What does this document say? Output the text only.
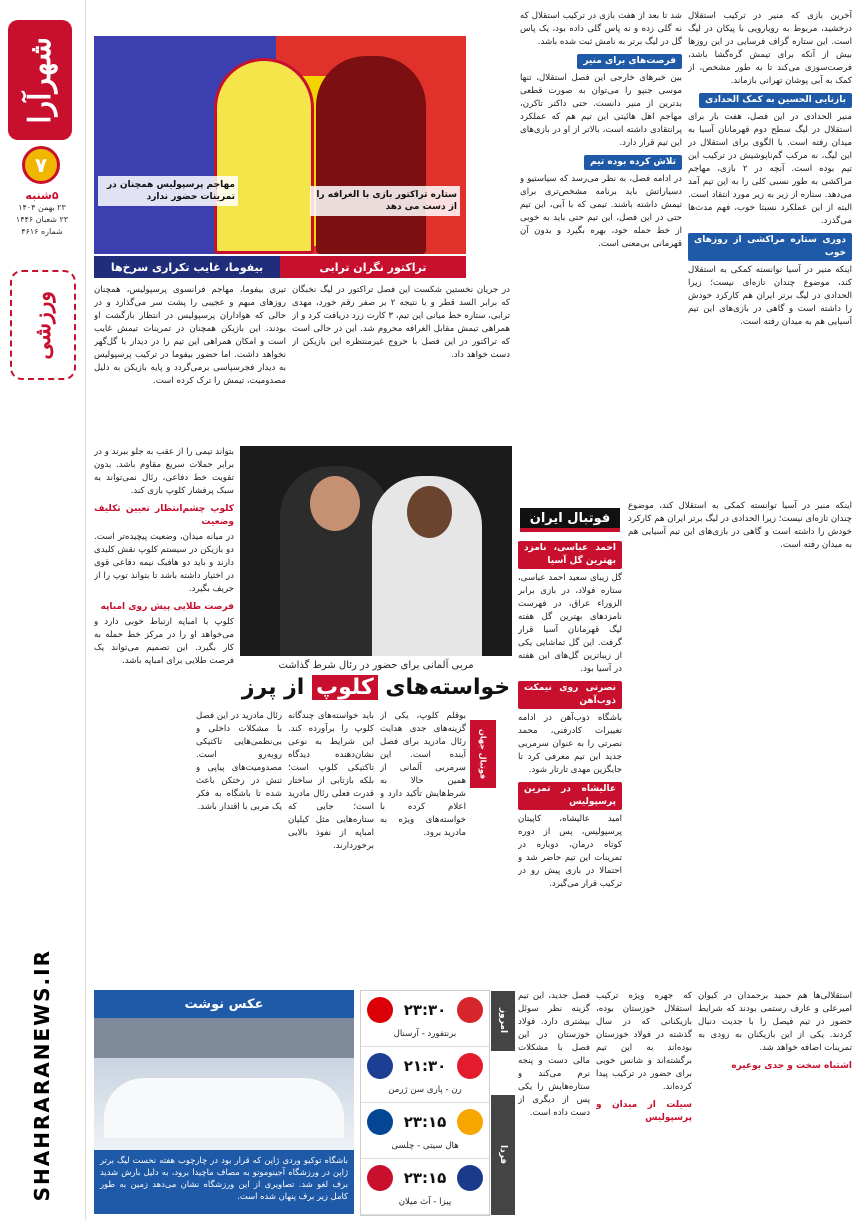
شهرآرا
۷
۵شنبه
۲۳ بهمن ۱۴۰۴
۲۳ شعبان ۱۴۴۶
شماره ۴۶۱۶
ورزشی
SHAHRARANEWS.IR
ستاره تراکتور بازی با الغرافه را از دست می دهد
مهاجم پرسپولیس همچنان در تمرینات حضور ندارد
تراکتور نگران ترابی
بیفوما، غایب تکراری سرخ‌ها

آخرین بازی که منیر در ترکیب استقلال درخشید، مربوط به رویارویی با پیکان در لیگ است. این ستاره گزاف فرسایی در این روزها بیش از آنکه برای تیمش گره‌گشا باشد، فرصت‌سوزی می‌کند تا به طور مشخص، از کمک به آبی پوشان تهرانی بازماند.

بازنایی الحسین به کمک الحدادی

منیر الحدادی در این فصل، هفت بار برای استقلال در لیگ سطح دوم قهرمانان آسیا به میدان رفته است. با الگوی برای استقلال در این لیگ، نه مرکب گم‌ناپوشیش در ترکیب این تیم بوده است. آنچه در ۲ بازی، مهاجم مراکشی به طور نسبی کلی را به این تیم آمد می‌دهد. ستاره از زیر به زیر مورد انتقاد است. البته از این عملکرد نسبتا خوب، فهم مدت‌ها می‌گذرد.

دوری ستاره مراکشی از روزهای خوب

اینکه منیر در آسیا توانسته کمکی به استقلال کند، موضوع چندان تازه‌ای نیست؛ زیرا الحدادی در لیگ برتر ایران هم کارکرد خودش را داشته است و گاهی در بازی‌های این تیم آسیایی هم به میدان رفته است.

شد تا بعد از هفت بازی در ترکیب استقلال که نه گلی زده و نه پاس گلی داده بود، یک پاس گل در لیگ برتر به نامش ثبت شده باشد.

فرصت‌های برای منیر

بین خبرهای خارجی این فصل استقلال، تنها موسی جنپو را می‌توان به صورت قطعی بدترین از منیر دانست. حتی داکتر تاکرن، مهاجم اهل هائیتی این تیم هم که عملکرد پرانتقادی داشته است، بالاتر از او در بازی‌های این تیم قرار دارد.

تلاش کرده بوده تیم

در ادامه فصل، به نظر می‌رسد که سیاستیو و دسیاراتش باید برنامه مشخص‌تری برای تیمش داشته باشند. تیمی که با آبی، این تیم حتی در این فصل، این تیم حتی باید به خوبی از خط حمله خود، بهره بگیرد و بدون آن قهرمانی بی‌معنی است.

در جریان نخستین شکست این فصل تراکتور در لیگ نخبگان که برابر السد قطر و با نتیجه ۲ بر صفر رقم خورد، مهدی ترابی، ستاره خط میانی این تیم، ۳ کارت زرد دریافت کرد و از همراهی تیمش مقابل الغرافه محروم شد. این در حالی است که تراکتور در این فصل با خروج غیرمنتظره این بازیکن از دست خواهد داد.

تیری بیفوما، مهاجم فرانسوی پرسپولیس، همچنان روزهای مبهم و عجیبی را پشت سر می‌گذارد و در حالی که هواداران پرسپولیس در انتظار بازگشت او بودند، این بازیکن همچنان در تمرینات تیمش غایب است و امکان همراهی این تیم را در دیدار با گل‌گهر نخواهد داشت. اما حضور بیفوما در ترکیب پرسپولیس به دیدار فجرسپاسی برمی‌گردد و پایه بازیکن به دلیل مصدومیت، تیمش را ترک کرده است.

مربی آلمانی برای حضور در رئال شرط گذاشت
خواسته‌های کلوپ از پرز
فوتبال جهان

بوقلم کلوپ، یکی از گزینه‌های جدی هدایت رئال مادرید برای فصل آینده است. این سرمربی آلمانی از همین حالا به شرط‌هایش تأکید دارد و اعلام کرده با خواسته‌های ویژه به مادرید برود.

باید خواسته‌های چندگانه کلوپ را برآورده کند. این شرایط به نوعی نشان‌دهنده دیدگاه تاکتیکی کلوپ است؛ بلکه بازتابی از ساختار قدرت فعلی رئال مادرید است؛ جایی که ستاره‌هایی مثل کیلیان امباپه از نفوذ بالایی برخوردارند.

رئال مادرید در این فصل با مشکلات داخلی و بی‌نظمی‌هایی تاکتیکی روبه‌رو است. مصدومیت‌های پیاپی و تنش در رختکن باعث شده تا باشگاه به فکر یک مربی با اقتدار باشد.

بتواند تیمی را از عقب به جلو ببرند و در برابر حملات سریع مقاوم باشد. بدون تقویت خط دفاعی، رئال نمی‌تواند به سبک پرفشار کلوپ بازی کند.

کلوپ چشم‌انتظار تعیین تکلیف وضعیت

در میانه میدان، وضعیت پیچیده‌تر است. دو بازیکن در سیستم کلوپ نقش کلیدی دارند و باید دو هافبک نیمه دفاعی قوی در اختیار داشته باشد تا بتواند توپ را از حریف بگیرد.

فرصت طلایی پیش روی امباپه

کلوپ با امباپه ارتباط خوبی دارد و می‌خواهد او را در مرکز خط حمله به کار بگیرد. این تصمیم می‌تواند یک فرصت طلایی برای امباپه باشد.

فوتبال ایران
احمد عباسی، نامزد بهترین گل آسیا

گل زیبای سعید احمد عباسی، ستاره فولاد، در بازی برابر الزوراء عراق، در فهرست نامزدهای بهترین گل هفته لیگ قهرمانان آسیا قرار گرفت. این گل تماشایی یکی از زیباترین گل‌های این هفته در آسیا بود.

نصرتی روی نیمکت ذوب‌آهن

باشگاه ذوب‌آهن در ادامه تغییرات کادرفنی، محمد نصرتی را به عنوان سرمربی جدید این تیم معرفی کرد تا جایگزین مهدی تارتار شود.

عالیشاه در تمرین پرسپولیس

امید عالیشاه، کاپیتان پرسپولیس، پس از دوره کوتاه درمان، دوباره در تمرینات این تیم حاضر شد و احتمالا در بازی پیش رو در ترکیب قرار می‌گیرد.

اینکه منیر در آسیا توانسته کمکی به استقلال کند، موضوع چندان تازه‌ای نیست؛ زیرا الحدادی در لیگ برتر ایران هم کارکرد خودش را داشته است و گاهی در بازی‌های این تیم آسیایی هم به میدان رفته است.

استقلالی‌ها هم حمید برحمدان در کیوان امیرعلی و عارف رستمی بودند که شرایط حضور در تیم فیصل را با جدیت دنبال کردند. یکی از این بازیکنان به زودی به تمرینات اضافه خواهد شد.

اشتباه سخت و جدی بوعیره

که جهره ویژه ترکیب استقلال خوزستان بوده، بازیکنانی که در سال گذشته در فولاد خوزستان بوده‌اند به این تیم برگشته‌اند و شانس خوبی برای حضور در ترکیب پیدا کرده‌اند.

سیلت از میدان و پرسپولیس

فصل جدید، این تیم گزینه نظر سوئل بیشتری دارد. فولاد خوزستان در این فصل با مشکلات مالی دست و پنجه نرم می‌کند و ستاره‌هایش را یکی پس از دیگری از دست داده است.

عکس نوشت
باشگاه توکیو وردی ژاپن که قرار بود در چارچوب هفته نخست لیگ برتر ژاپن در ورزشگاه آجینوموتو به مصاف ماچیدا برود، به دلیل بارش شدید برف لغو شد. تصاویری از این ورزشگاه نشان می‌دهد زمین به طور کامل زیر برف پنهان شده است.
امروز
فردا
۲۳:۳۰
برنتفورد - آرسنال
۲۱:۳۰
رن - پاری سن ژرمن
۲۳:۱۵
هال سیتی - چلسی
۲۳:۱۵
پیزا - آث میلان
